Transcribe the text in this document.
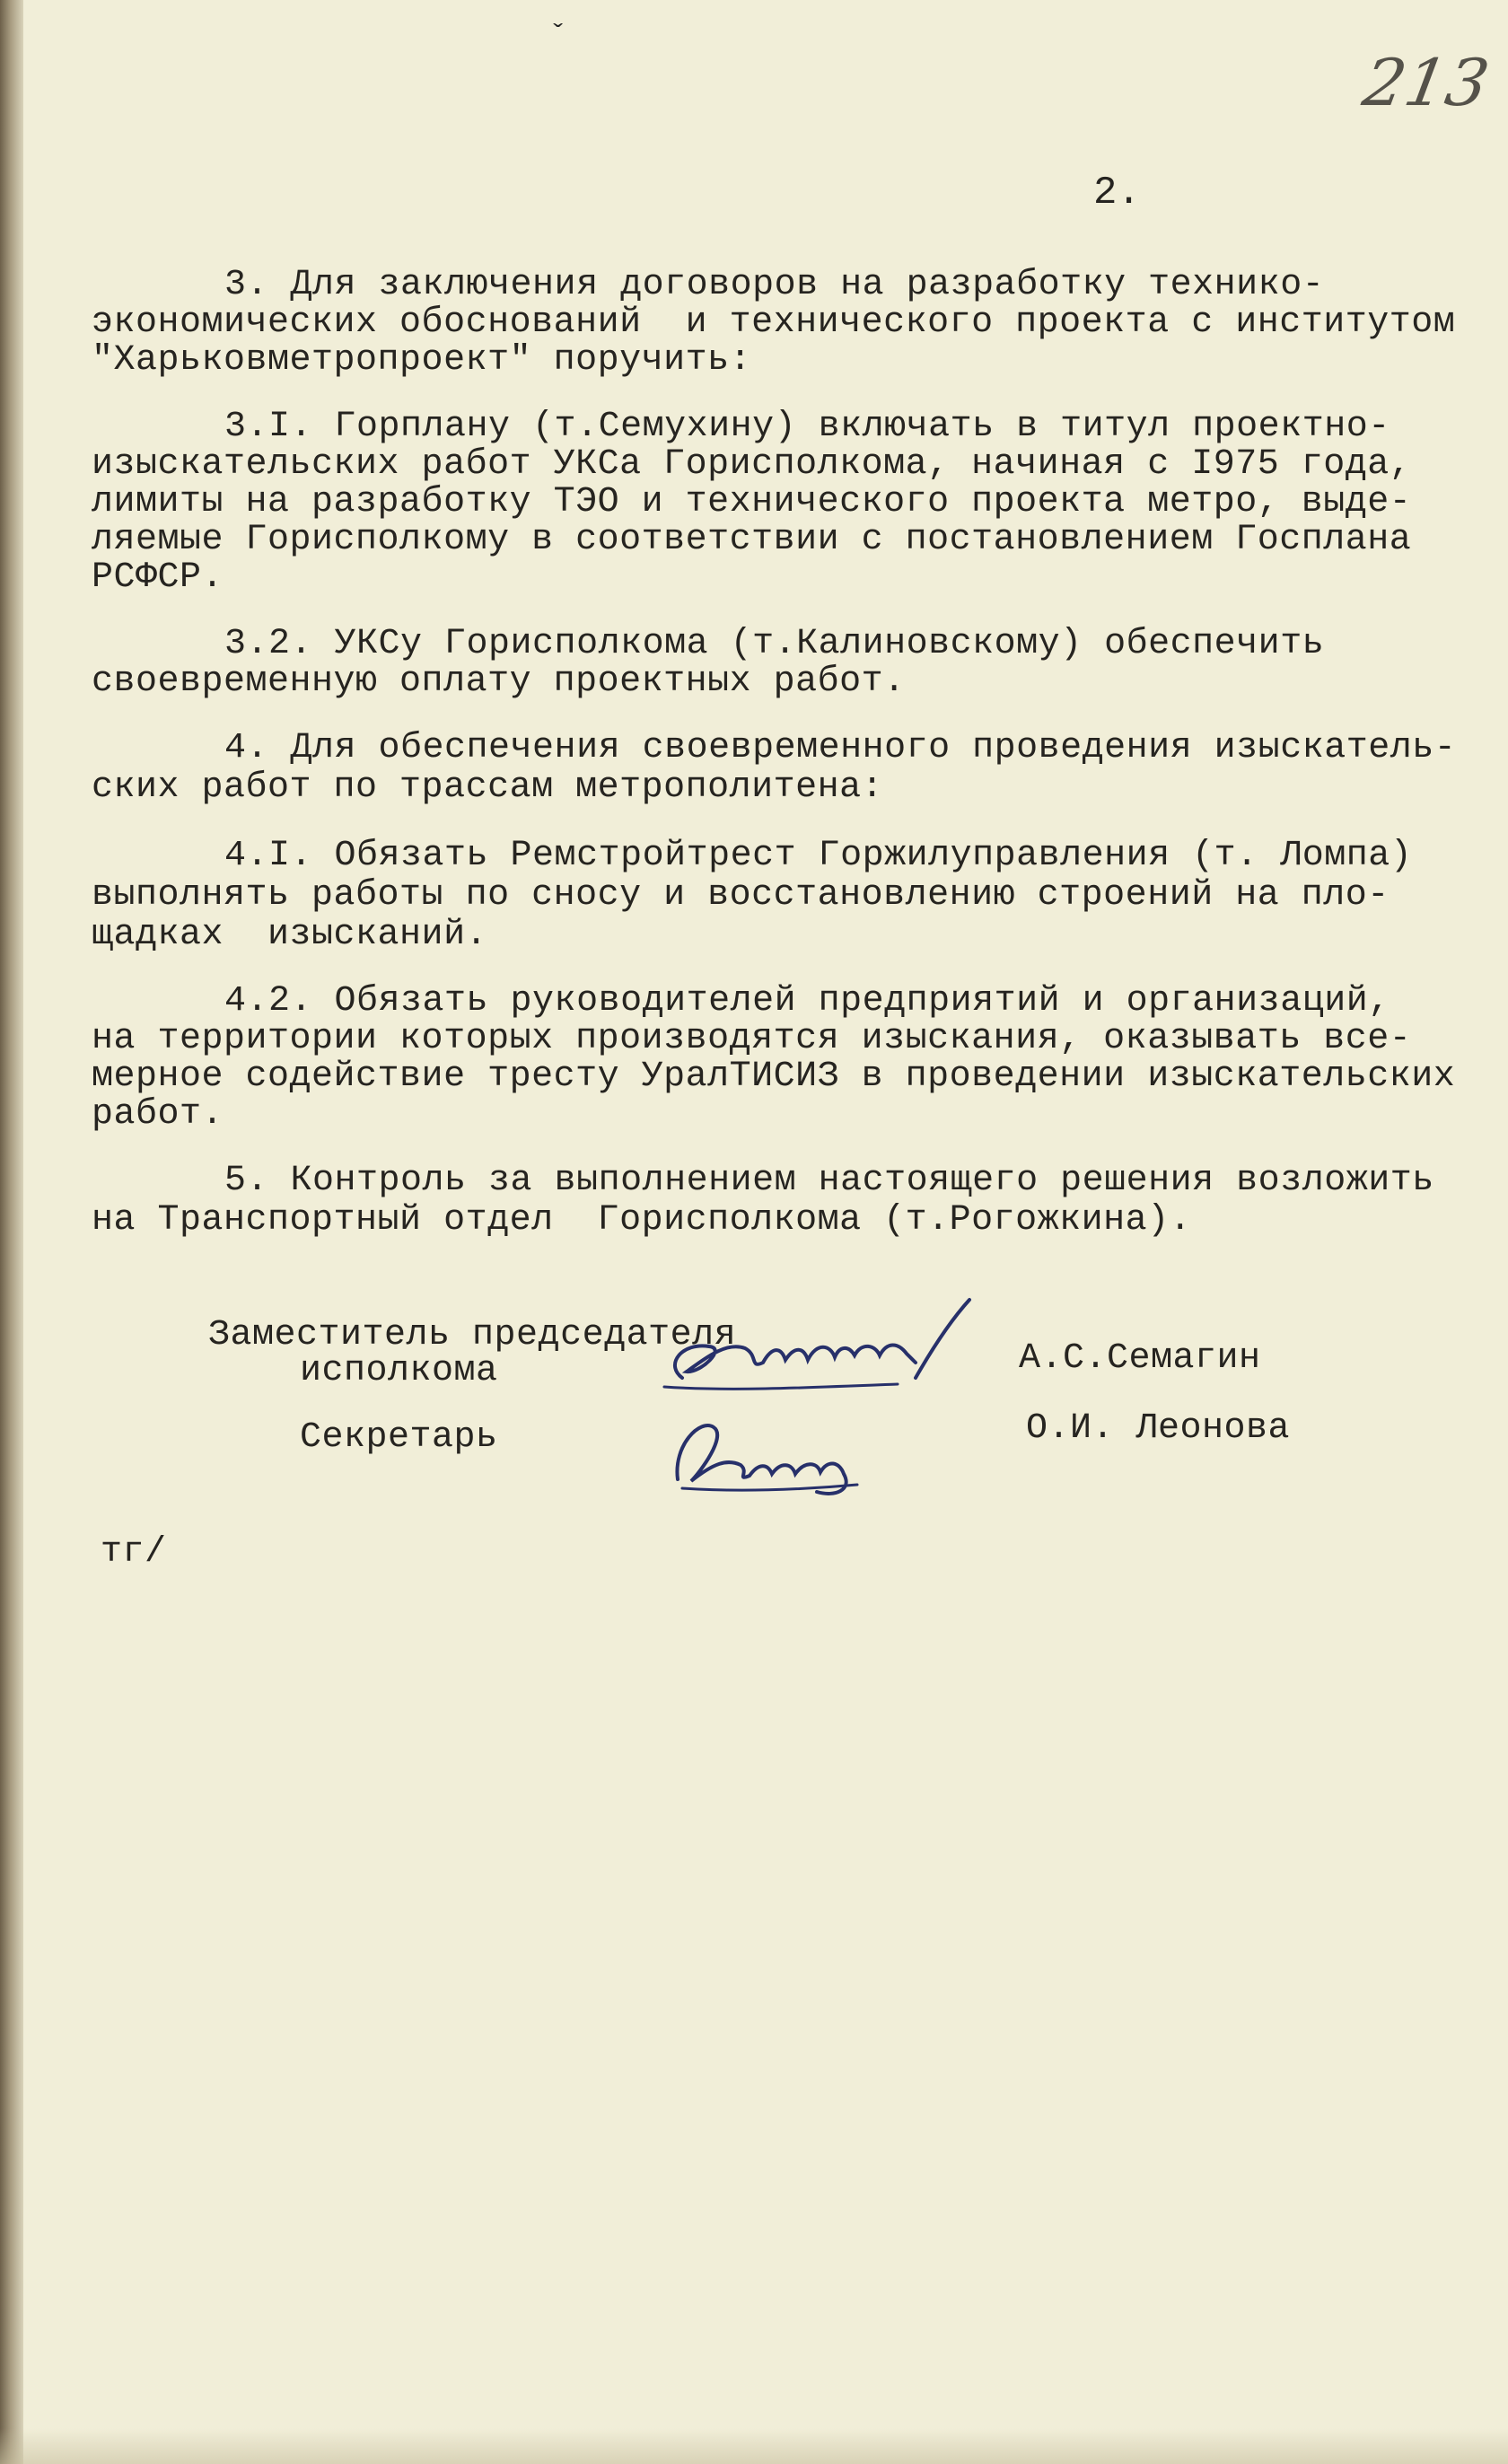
ˇ
213
2.
3. Для заключения договоров на разработку технико-
экономических обоснований  и технического проекта с институтом
"Харьковметропроект" поручить:
3.I. Горплану (т.Семухину) включать в титул проектно-
изыскательских работ УКСа Горисполкома, начиная с I975 года,
лимиты на разработку ТЭО и технического проекта метро, выде-
ляемые Горисполкому в соответствии с постановлением Госплана
РСФСР.
3.2. УКСу Горисполкома (т.Калиновскому) обеспечить
своевременную оплату проектных работ.
4. Для обеспечения своевременного проведения изыскатель-
ских работ по трассам метрополитена:
4.I. Обязать Ремстройтрест Горжилуправления (т. Ломпа)
выполнять работы по сносу и восстановлению строений на пло-
щадках  изысканий.
4.2. Обязать руководителей предприятий и организаций,
на территории которых производятся изыскания, оказывать все-
мерное содействие тресту УралТИСИЗ в проведении изыскательских
работ.
5. Контроль за выполнением настоящего решения возложить
на Транспортный отдел  Горисполкома (т.Рогожкина).
Заместитель председателя
исполкома	А.С.Семагин
Секретарь	О.И. Леонова
тг/
